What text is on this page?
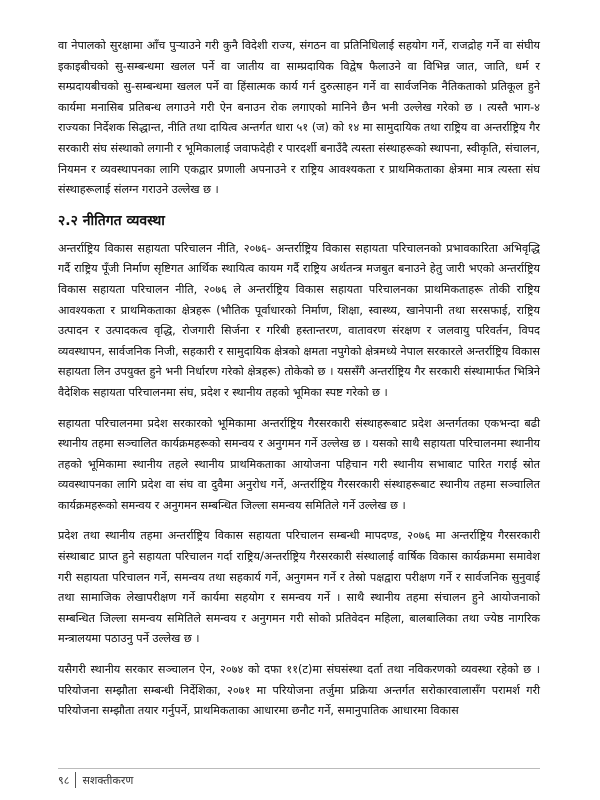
वा नेपालको सुरक्षामा आँच पुऱ्याउने गरी कुनै विदेशी राज्य, संगठन वा प्रतिनिधिलाई सहयोग गर्ने, राजद्रोह गर्ने वा संघीय इकाइबीचको सु-सम्बन्धमा खलल पर्ने वा जातीय वा साम्प्रदायिक विद्वेष फैलाउने वा विभिन्न जात, जाति, धर्म र सम्प्रदायबीचको सु-सम्बन्धमा खलल पर्ने वा हिंसात्मक कार्य गर्न दुरुत्साहन गर्ने वा सार्वजनिक नैतिकताको प्रतिकूल हुने कार्यमा मनासिब प्रतिबन्ध लगाउने गरी ऐन बनाउन रोक लगाएको मानिने छैन भनी उल्लेख गरेको छ । त्यस्तै भाग-४ राज्यका निर्देशक सिद्धान्त, नीति तथा दायित्व अन्तर्गत धारा ५१ (ज) को १४ मा सामुदायिक तथा राष्ट्रिय वा अन्तर्राष्ट्रिय गैर सरकारी संघ संस्थाको लगानी र भूमिकालाई जवाफदेही र पारदर्शी बनाउँदै त्यस्ता संस्थाहरूको स्थापना, स्वीकृति, संचालन, नियमन र व्यवस्थापनका लागि एकद्वार प्रणाली अपनाउने र राष्ट्रिय आवश्यकता र प्राथमिकताका क्षेत्रमा मात्र त्यस्ता संघ संस्थाहरूलाई संलग्न गराउने उल्लेख छ ।

२.२ नीतिगत व्यवस्था

अन्तर्राष्ट्रिय विकास सहायता परिचालन नीति, २०७६- अन्तर्राष्ट्रिय विकास सहायता परिचालनको प्रभावकारिता अभिवृद्धि गर्दै राष्ट्रिय पूँजी निर्माण सृष्टिगत आर्थिक स्थायित्व कायम गर्दै राष्ट्रिय अर्थतन्त्र मजबुत बनाउने हेतु जारी भएको अन्तर्राष्ट्रिय विकास सहायता परिचालन नीति, २०७६ ले अन्तर्राष्ट्रिय विकास सहायता परिचालनका प्राथमिकताहरू तोकी राष्ट्रिय आवश्यकता र प्राथमिकताका क्षेत्रहरू (भौतिक पूर्वाधारको निर्माण, शिक्षा, स्वास्थ्य, खानेपानी तथा सरसफाई, राष्ट्रिय उत्पादन र उत्पादकत्व वृद्धि, रोजगारी सिर्जना र गरिबी हस्तान्तरण, वातावरण संरक्षण र जलवायु परिवर्तन, विपद व्यवस्थापन, सार्वजनिक निजी, सहकारी र सामुदायिक क्षेत्रको क्षमता नपुगेको क्षेत्रमध्ये नेपाल सरकारले अन्तर्राष्ट्रिय विकास सहायता लिन उपयुक्त हुने भनी निर्धारण गरेको क्षेत्रहरू) तोकेको छ । यससँगै अन्तर्राष्ट्रिय गैर सरकारी संस्थामार्फत भित्रिने वैदेशिक सहायता परिचालनमा संघ, प्रदेश र स्थानीय तहको भूमिका स्पष्ट गरेको छ ।

सहायता परिचालनमा प्रदेश सरकारको भूमिकामा अन्तर्राष्ट्रिय गैरसरकारी संस्थाहरूबाट प्रदेश अन्तर्गतका एकभन्दा बढी स्थानीय तहमा सञ्चालित कार्यक्रमहरूको समन्वय र अनुगमन गर्ने उल्लेख छ । यसको साथै सहायता परिचालनमा स्थानीय तहको भूमिकामा स्थानीय तहले स्थानीय प्राथमिकताका आयोजना पहिचान गरी स्थानीय सभाबाट पारित गराई स्रोत व्यवस्थापनका लागि प्रदेश वा संघ वा दुवैमा अनुरोध गर्ने, अन्तर्राष्ट्रिय गैरसरकारी संस्थाहरूबाट स्थानीय तहमा सञ्चालित कार्यक्रमहरूको समन्वय र अनुगमन सम्बन्धित जिल्ला समन्वय समितिले गर्ने उल्लेख छ ।

प्रदेश तथा स्थानीय तहमा अन्तर्राष्ट्रिय विकास सहायता परिचालन सम्बन्धी मापदण्ड, २०७६ मा अन्तर्राष्ट्रिय गैरसरकारी संस्थाबाट प्राप्त हुने सहायता परिचालन गर्दा राष्ट्रिय/अन्तर्राष्ट्रिय गैरसरकारी संस्थालाई वार्षिक विकास कार्यक्रममा समावेश गरी सहायता परिचालन गर्ने, समन्वय तथा सहकार्य गर्ने, अनुगमन गर्ने र तेस्रो पक्षद्वारा परीक्षण गर्ने र सार्वजनिक सुनुवाई तथा सामाजिक लेखापरीक्षण गर्ने कार्यमा सहयोग र समन्वय गर्ने । साथै स्थानीय तहमा संचालन हुने आयोजनाको सम्बन्धित जिल्ला समन्वय समितिले समन्वय र अनुगमन गरी सोको प्रतिवेदन महिला, बालबालिका तथा ज्येष्ठ नागरिक मन्त्रालयमा पठाउनु पर्ने उल्लेख छ ।

यसैगरी स्थानीय सरकार सञ्चालन ऐन, २०७४ को दफा ११(ट)मा संघसंस्था दर्ता तथा नविकरणको व्यवस्था रहेको छ । परियोजना सम्झौता सम्बन्धी निर्देशिका, २०७१ मा परियोजना तर्जुमा प्रक्रिया अन्तर्गत सरोकारवालासँग परामर्श गरी परियोजना सम्झौता तयार गर्नुपर्ने, प्राथमिकताका आधारमा छनौट गर्ने, समानुपातिक आधारमा विकास

९८ सशक्तीकरण
